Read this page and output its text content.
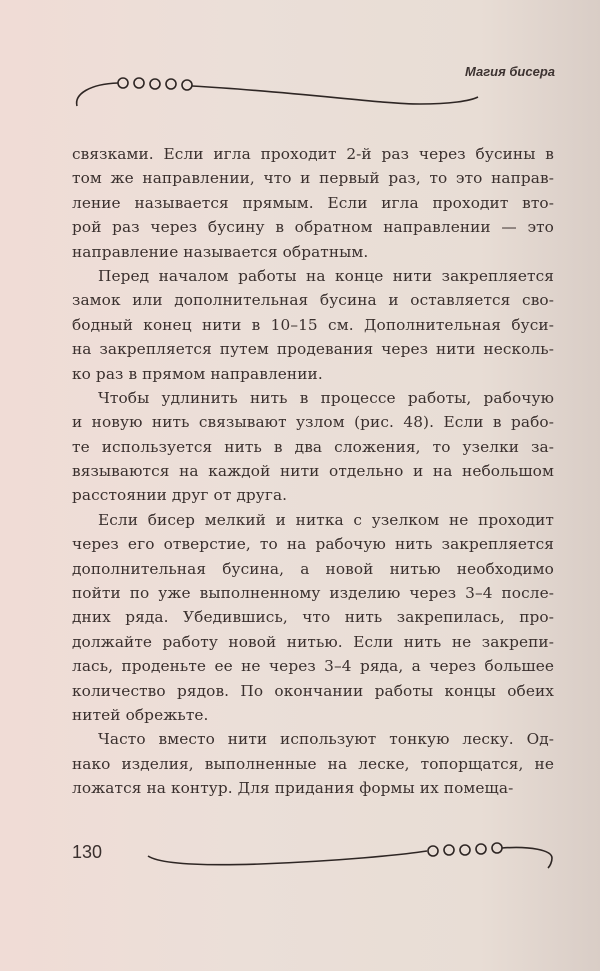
Магия бисера
связками. Если игла проходит 2-й раз через бусины в
том же направлении, что и первый раз, то это направ-
ление называется прямым. Если игла проходит вто-
рой раз через бусину в обратном направлении — это
направление называется обратным.
Перед началом работы на конце нити закрепляется
замок или дополнительная бусина и оставляется сво-
бодный конец нити в 10–15 см. Дополнительная буси-
на закрепляется путем продевания через нити несколь-
ко раз в прямом направлении.
Чтобы удлинить нить в процессе работы, рабочую
и новую нить связывают узлом (рис. 48). Если в рабо-
те используется нить в два сложения, то узелки за-
вязываются на каждой нити отдельно и на небольшом
расстоянии друг от друга.
Если бисер мелкий и нитка с узелком не проходит
через его отверстие, то на рабочую нить закрепляется
дополнительная бусина, а новой нитью необходимо
пойти по уже выполненному изделию через 3–4 после-
дних ряда. Убедившись, что нить закрепилась, про-
должайте работу новой нитью. Если нить не закрепи-
лась, проденьте ее не через 3–4 ряда, а через большее
количество рядов. По окончании работы концы обеих
нитей обрежьте.
Часто вместо нити используют тонкую леску. Од-
нако изделия, выполненные на леске, топорщатся, не
ложатся на контур. Для придания формы их помеща-
130
